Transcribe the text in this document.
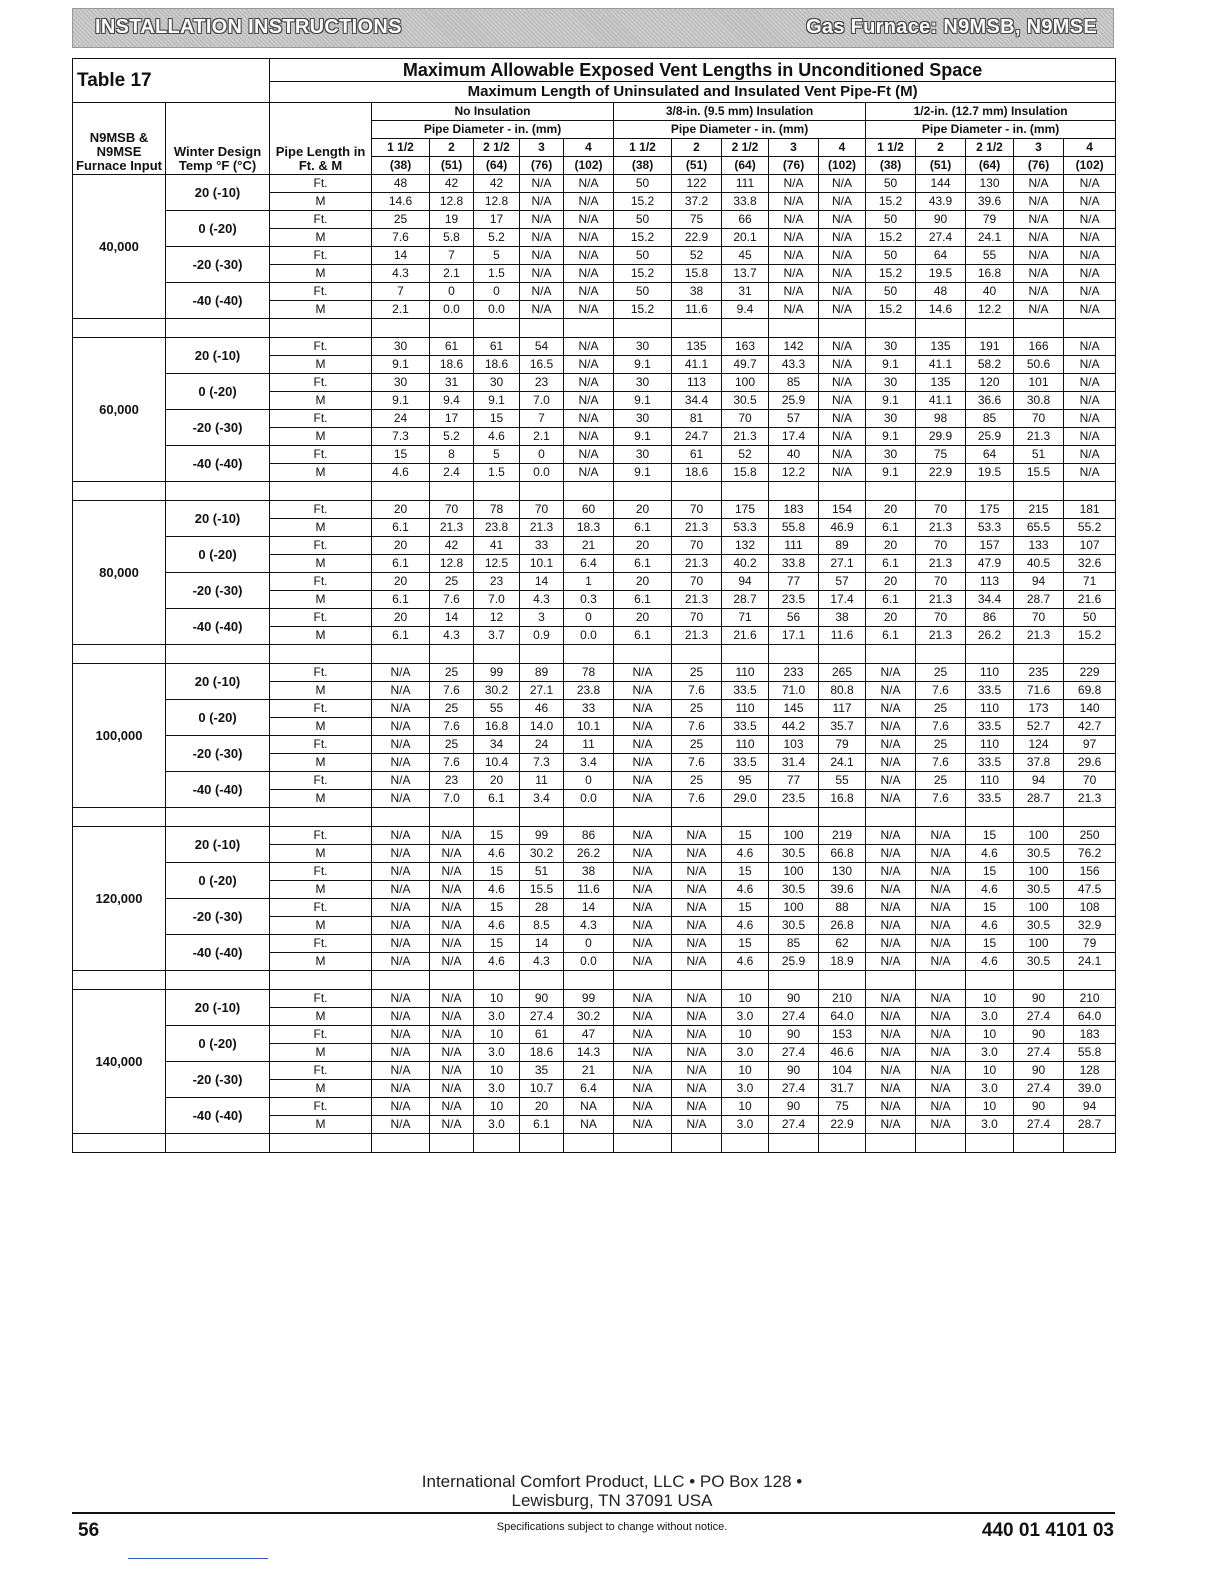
INSTALLATION INSTRUCTIONS	Gas Furnace: N9MSB, N9MSE
Table 17		Maximum Allowable Exposed Vent Lengths in Unconditioned Space															
		Maximum Length of Uninsulated and Insulated Vent Pipe-Ft (M)															
N9MSB & N9MSE Furnace Input	Winter Design Temp °F (°C)	Pipe Length in Ft. & M	No Insulation					3/8-in. (9.5 mm) Insulation					1/2-in. (12.7 mm) Insulation				
			Pipe Diameter - in. (mm)					Pipe Diameter - in. (mm)					Pipe Diameter - in. (mm)				
			1 1/2	2	2 1/2	3	4	1 1/2	2	2 1/2	3	4	1 1/2	2	2 1/2	3	4
			(38)	(51)	(64)	(76)	(102)	(38)	(51)	(64)	(76)	(102)	(38)	(51)	(64)	(76)	(102)
40,000	20 (-10)	Ft.	48	42	42	N/A	N/A	50	122	111	N/A	N/A	50	144	130	N/A	N/A
		M	14.6	12.8	12.8	N/A	N/A	15.2	37.2	33.8	N/A	N/A	15.2	43.9	39.6	N/A	N/A
	0 (-20)	Ft.	25	19	17	N/A	N/A	50	75	66	N/A	N/A	50	90	79	N/A	N/A
		M	7.6	5.8	5.2	N/A	N/A	15.2	22.9	20.1	N/A	N/A	15.2	27.4	24.1	N/A	N/A
	-20 (-30)	Ft.	14	7	5	N/A	N/A	50	52	45	N/A	N/A	50	64	55	N/A	N/A
		M	4.3	2.1	1.5	N/A	N/A	15.2	15.8	13.7	N/A	N/A	15.2	19.5	16.8	N/A	N/A
	-40 (-40)	Ft.	7	0	0	N/A	N/A	50	38	31	N/A	N/A	50	48	40	N/A	N/A
		M	2.1	0.0	0.0	N/A	N/A	15.2	11.6	9.4	N/A	N/A	15.2	14.6	12.2	N/A	N/A

60,000	20 (-10)	Ft.	30	61	61	54	N/A	30	135	163	142	N/A	30	135	191	166	N/A
		M	9.1	18.6	18.6	16.5	N/A	9.1	41.1	49.7	43.3	N/A	9.1	41.1	58.2	50.6	N/A
	0 (-20)	Ft.	30	31	30	23	N/A	30	113	100	85	N/A	30	135	120	101	N/A
		M	9.1	9.4	9.1	7.0	N/A	9.1	34.4	30.5	25.9	N/A	9.1	41.1	36.6	30.8	N/A
	-20 (-30)	Ft.	24	17	15	7	N/A	30	81	70	57	N/A	30	98	85	70	N/A
		M	7.3	5.2	4.6	2.1	N/A	9.1	24.7	21.3	17.4	N/A	9.1	29.9	25.9	21.3	N/A
	-40 (-40)	Ft.	15	8	5	0	N/A	30	61	52	40	N/A	30	75	64	51	N/A
		M	4.6	2.4	1.5	0.0	N/A	9.1	18.6	15.8	12.2	N/A	9.1	22.9	19.5	15.5	N/A

80,000	20 (-10)	Ft.	20	70	78	70	60	20	70	175	183	154	20	70	175	215	181
		M	6.1	21.3	23.8	21.3	18.3	6.1	21.3	53.3	55.8	46.9	6.1	21.3	53.3	65.5	55.2
	0 (-20)	Ft.	20	42	41	33	21	20	70	132	111	89	20	70	157	133	107
		M	6.1	12.8	12.5	10.1	6.4	6.1	21.3	40.2	33.8	27.1	6.1	21.3	47.9	40.5	32.6
	-20 (-30)	Ft.	20	25	23	14	1	20	70	94	77	57	20	70	113	94	71
		M	6.1	7.6	7.0	4.3	0.3	6.1	21.3	28.7	23.5	17.4	6.1	21.3	34.4	28.7	21.6
	-40 (-40)	Ft.	20	14	12	3	0	20	70	71	56	38	20	70	86	70	50
		M	6.1	4.3	3.7	0.9	0.0	6.1	21.3	21.6	17.1	11.6	6.1	21.3	26.2	21.3	15.2

100,000	20 (-10)	Ft.	N/A	25	99	89	78	N/A	25	110	233	265	N/A	25	110	235	229
		M	N/A	7.6	30.2	27.1	23.8	N/A	7.6	33.5	71.0	80.8	N/A	7.6	33.5	71.6	69.8
	0 (-20)	Ft.	N/A	25	55	46	33	N/A	25	110	145	117	N/A	25	110	173	140
		M	N/A	7.6	16.8	14.0	10.1	N/A	7.6	33.5	44.2	35.7	N/A	7.6	33.5	52.7	42.7
	-20 (-30)	Ft.	N/A	25	34	24	11	N/A	25	110	103	79	N/A	25	110	124	97
		M	N/A	7.6	10.4	7.3	3.4	N/A	7.6	33.5	31.4	24.1	N/A	7.6	33.5	37.8	29.6
	-40 (-40)	Ft.	N/A	23	20	11	0	N/A	25	95	77	55	N/A	25	110	94	70
		M	N/A	7.0	6.1	3.4	0.0	N/A	7.6	29.0	23.5	16.8	N/A	7.6	33.5	28.7	21.3

120,000	20 (-10)	Ft.	N/A	N/A	15	99	86	N/A	N/A	15	100	219	N/A	N/A	15	100	250
		M	N/A	N/A	4.6	30.2	26.2	N/A	N/A	4.6	30.5	66.8	N/A	N/A	4.6	30.5	76.2
	0 (-20)	Ft.	N/A	N/A	15	51	38	N/A	N/A	15	100	130	N/A	N/A	15	100	156
		M	N/A	N/A	4.6	15.5	11.6	N/A	N/A	4.6	30.5	39.6	N/A	N/A	4.6	30.5	47.5
	-20 (-30)	Ft.	N/A	N/A	15	28	14	N/A	N/A	15	100	88	N/A	N/A	15	100	108
		M	N/A	N/A	4.6	8.5	4.3	N/A	N/A	4.6	30.5	26.8	N/A	N/A	4.6	30.5	32.9
	-40 (-40)	Ft.	N/A	N/A	15	14	0	N/A	N/A	15	85	62	N/A	N/A	15	100	79
		M	N/A	N/A	4.6	4.3	0.0	N/A	N/A	4.6	25.9	18.9	N/A	N/A	4.6	30.5	24.1

140,000	20 (-10)	Ft.	N/A	N/A	10	90	99	N/A	N/A	10	90	210	N/A	N/A	10	90	210
		M	N/A	N/A	3.0	27.4	30.2	N/A	N/A	3.0	27.4	64.0	N/A	N/A	3.0	27.4	64.0
	0 (-20)	Ft.	N/A	N/A	10	61	47	N/A	N/A	10	90	153	N/A	N/A	10	90	183
		M	N/A	N/A	3.0	18.6	14.3	N/A	N/A	3.0	27.4	46.6	N/A	N/A	3.0	27.4	55.8
	-20 (-30)	Ft.	N/A	N/A	10	35	21	N/A	N/A	10	90	104	N/A	N/A	10	90	128
		M	N/A	N/A	3.0	10.7	6.4	N/A	N/A	3.0	27.4	31.7	N/A	N/A	3.0	27.4	39.0
	-40 (-40)	Ft.	N/A	N/A	10	20	NA	N/A	N/A	10	90	75	N/A	N/A	10	90	94
		M	N/A	N/A	3.0	6.1	NA	N/A	N/A	3.0	27.4	22.9	N/A	N/A	3.0	27.4	28.7

International Comfort Product, LLC • PO Box 128 •
Lewisburg, TN 37091 USA
56	Specifications subject to change without notice.	440 01 4101 03
